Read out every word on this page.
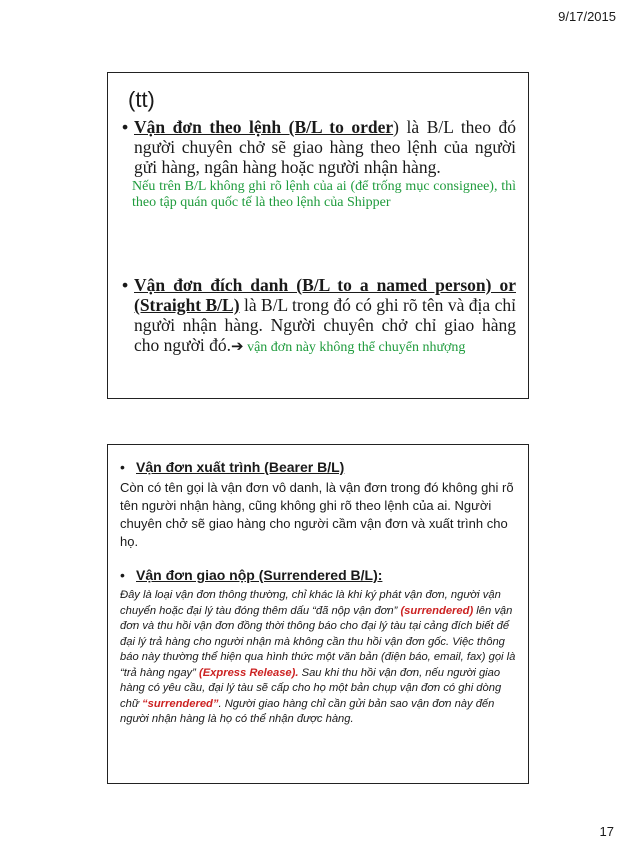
9/17/2015
(tt)
• Vận đơn theo lệnh (B/L to order) là B/L theo đó người chuyên chở sẽ giao hàng theo lệnh của người gửi hàng, ngân hàng hoặc người nhận hàng.
Nếu trên B/L không ghi rõ lệnh của ai (để trống mục consignee), thì theo tập quán quốc tế là theo lệnh của Shipper
• Vận đơn đích danh (B/L to a named person) or (Straight B/L) là B/L trong đó có ghi rõ tên và địa chỉ người nhận hàng. Người chuyên chở chỉ giao hàng cho người đó.➔ vận đơn này không thể chuyển nhượng
• Vận đơn xuất trình (Bearer B/L)
Còn có tên gọi là vận đơn vô danh, là vận đơn trong đó không ghi rõ tên người nhận hàng, cũng không ghi rõ theo lệnh của ai. Người chuyên chở sẽ giao hàng cho người cầm vận đơn và xuất trình cho họ.
• Vận đơn giao nộp (Surrendered B/L):
Đây là loại vận đơn thông thường, chỉ khác là khi ký phát vận đơn, người vận chuyển hoặc đại lý tàu đóng thêm dấu “đã nộp vận đơn” (surrendered) lên vận đơn và thu hồi vận đơn đồng thời thông báo cho đại lý tàu tại cảng đích biết để đại lý trả hàng cho người nhận mà không cần thu hồi vận đơn gốc. Việc thông báo này thường thể hiện qua hình thức một văn bản (điện báo, email, fax) gọi là “trả hàng ngay” (Express Release). Sau khi thu hồi vận đơn, nếu người giao hàng có yêu cầu, đại lý tàu sẽ cấp cho họ một bản chụp vận đơn có ghi dòng chữ “surrendered”. Người giao hàng chỉ cần gửi bản sao vận đơn này đến người nhận hàng là họ có thể nhận được hàng.
17
